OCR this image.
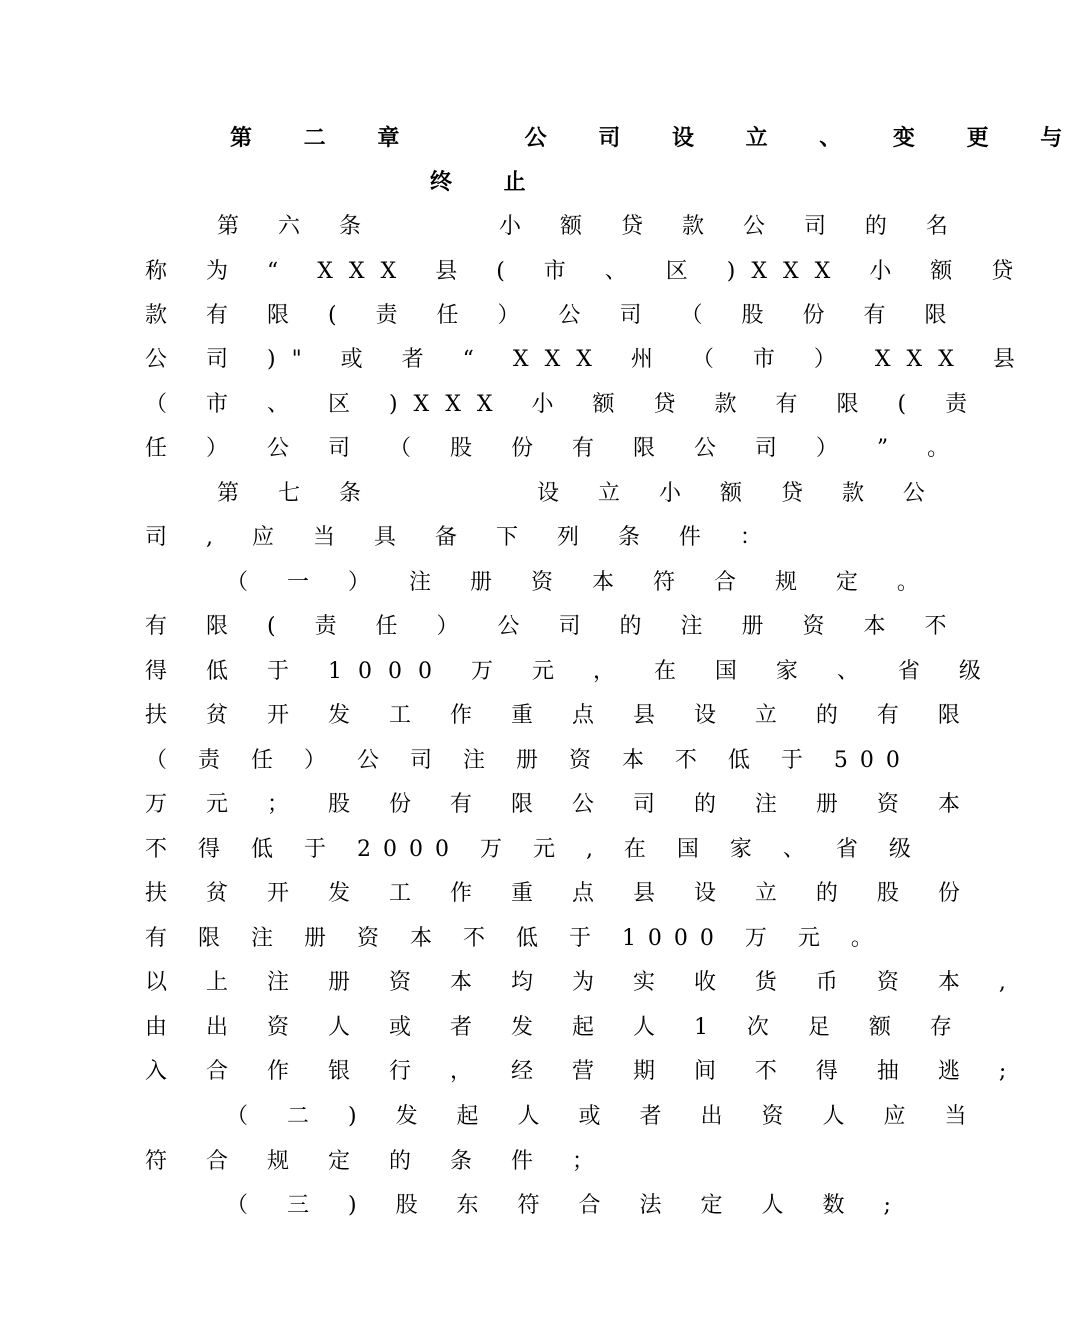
第 二 章 　 公 司 设 立 、 变 更 与
终 止
第 六 条 　　 小 额 贷 款 公 司 的 名
称 为 “ XXX 县 ( 市 、 区 )XXX 小 额 贷
款 有 限 ( 责 任 ） 公 司 （ 股 份 有 限
公 司 )" 或 者 “ XXX 州 （ 市 ） XXX 县
（ 市 、 区 )XXX 小 额 贷 款 有 限 ( 责
任 ） 公 司 （ 股 份 有 限 公 司 ） ” 。
第 七 条 　　　 设 立 小 额 贷 款 公
司 , 应 当 具 备 下 列 条 件 ：
（ 一 ） 注 册 资 本 符 合 规 定 。
有 限 ( 责 任 ） 公 司 的 注 册 资 本 不
得 低 于 1000 万 元 ， 在 国 家 、 省 级
扶 贫 开 发 工 作 重 点 县 设 立 的 有 限
（ 责 任 ） 公 司 注 册 资 本 不 低 于 500
万 元 ； 股 份 有 限 公 司 的 注 册 资 本
不 得 低 于 2000 万 元 , 在 国 家 、 省 级
扶 贫 开 发 工 作 重 点 县 设 立 的 股 份
有 限 注 册 资 本 不 低 于 1000 万 元 。
以 上 注 册 资 本 均 为 实 收 货 币 资 本 ,
由 出 资 人 或 者 发 起 人 1 次 足 额 存
入 合 作 银 行 ， 经 营 期 间 不 得 抽 逃 ;
（ 二 ) 发 起 人 或 者 出 资 人 应 当
符 合 规 定 的 条 件 ；
（ 三 ) 股 东 符 合 法 定 人 数 ;
